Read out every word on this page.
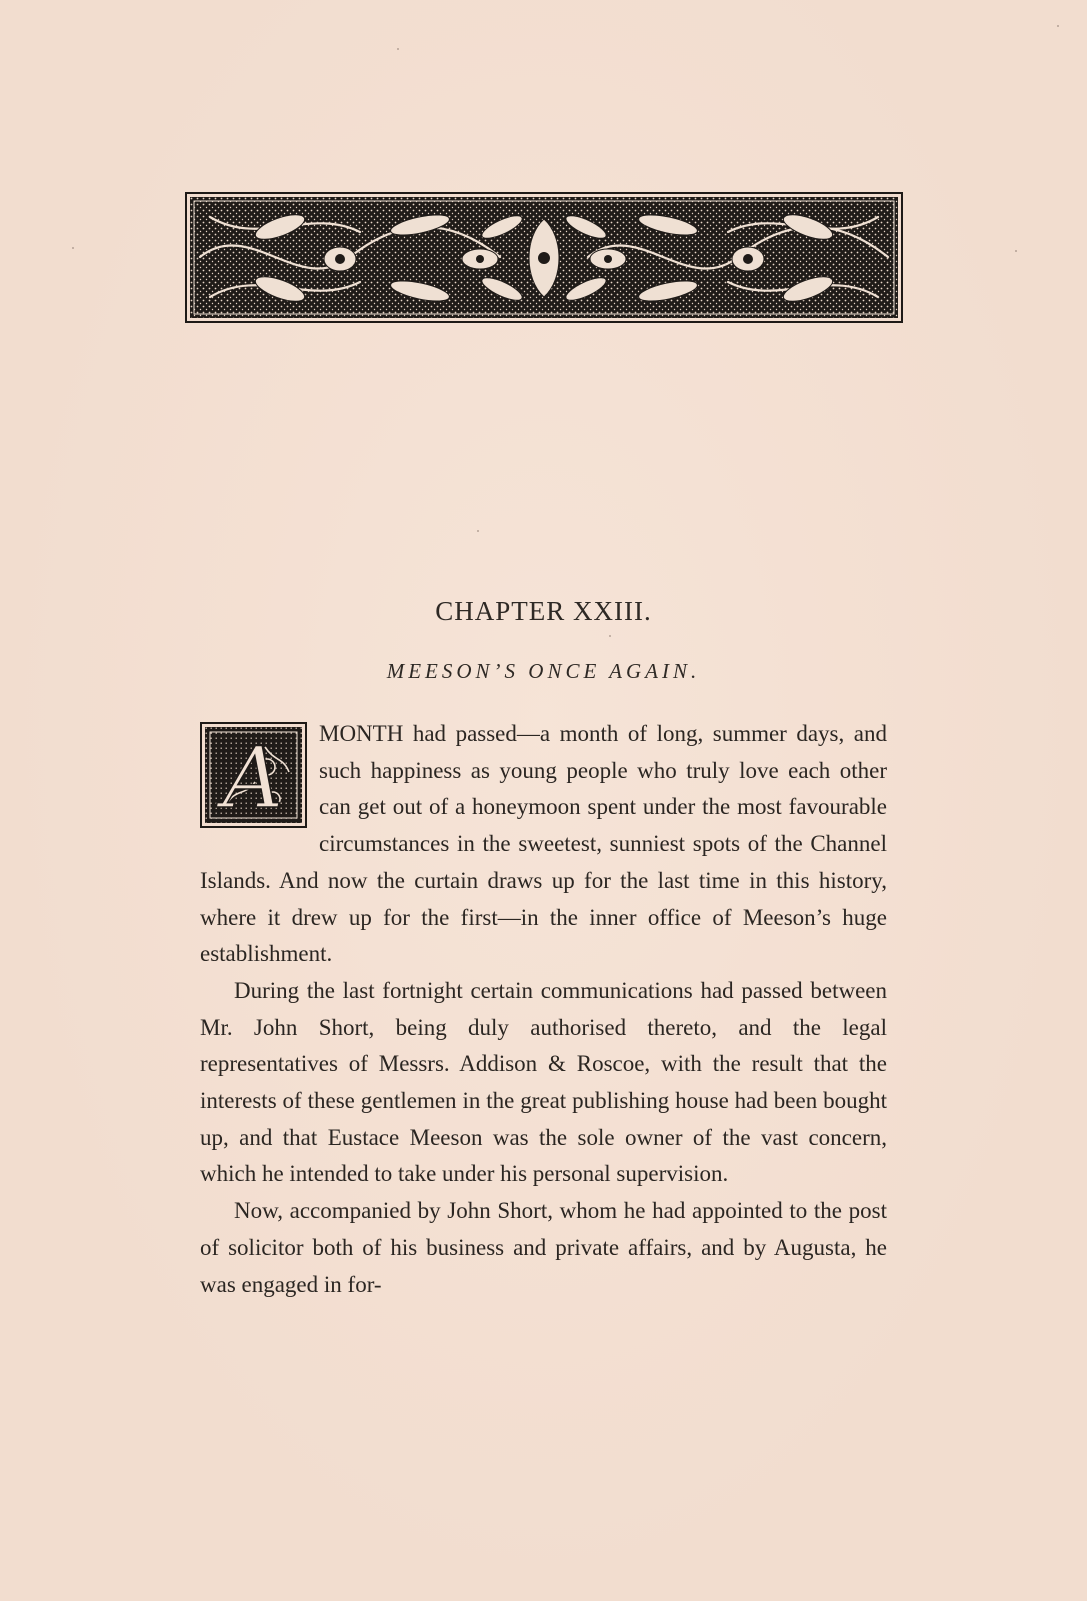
CHAPTER XXIII.
MEESON’S ONCE AGAIN.
A	MONTH had passed—a month of long, summer days, and such happiness as young people who truly love each other can get out of a honeymoon spent under the most favourable circumstances in the sweetest, sunniest spots of the Channel Islands. And now the curtain draws up for the last time in this history, where it drew up for the first—in the inner office of Meeson’s huge establishment.

During the last fortnight certain communications had passed between Mr. John Short, being duly authorised thereto, and the legal representatives of Messrs. Addison & Roscoe, with the result that the interests of these gentlemen in the great publishing house had been bought up, and that Eustace Meeson was the sole owner of the vast concern, which he intended to take under his personal supervision.

Now, accompanied by John Short, whom he had appointed to the post of solicitor both of his business and private affairs, and by Augusta, he was engaged in for-
